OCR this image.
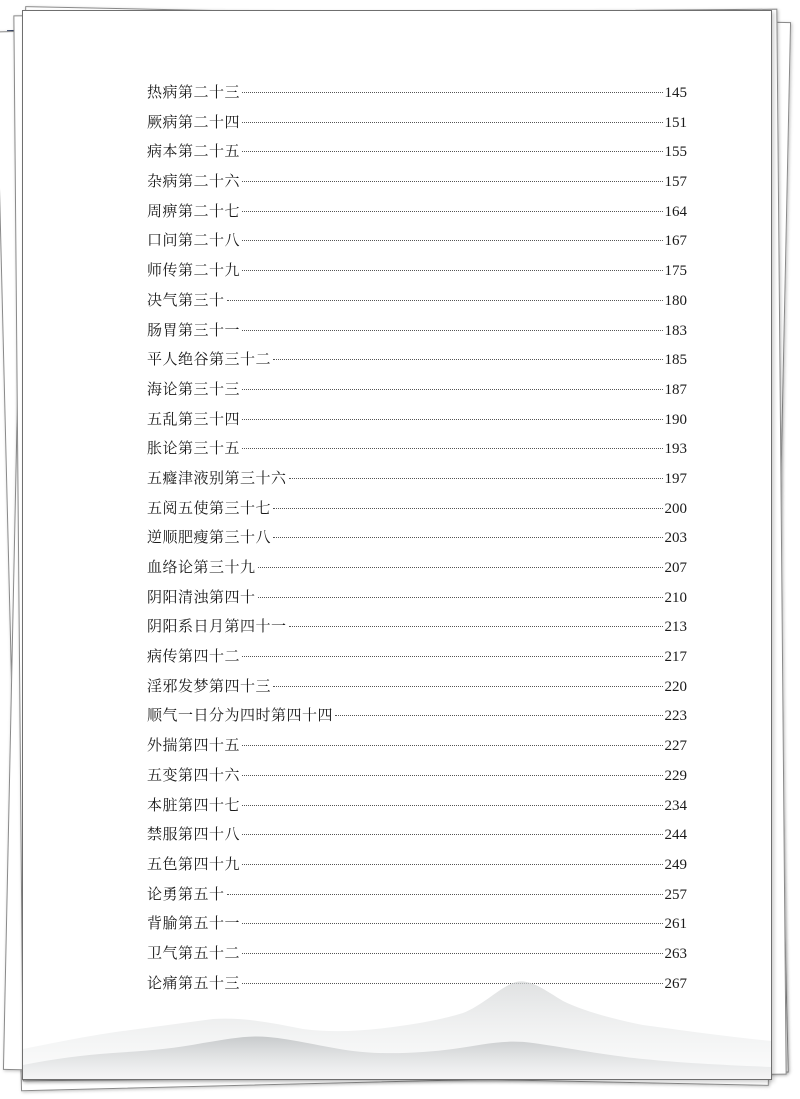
热病第二十三	145
厥病第二十四	151
病本第二十五	155
杂病第二十六	157
周痹第二十七	164
口问第二十八	167
师传第二十九	175
决气第三十	180
肠胃第三十一	183
平人绝谷第三十二	185
海论第三十三	187
五乱第三十四	190
胀论第三十五	193
五癃津液别第三十六	197
五阅五使第三十七	200
逆顺肥瘦第三十八	203
血络论第三十九	207
阴阳清浊第四十	210
阴阳系日月第四十一	213
病传第四十二	217
淫邪发梦第四十三	220
顺气一日分为四时第四十四	223
外揣第四十五	227
五变第四十六	229
本脏第四十七	234
禁服第四十八	244
五色第四十九	249
论勇第五十	257
背腧第五十一	261
卫气第五十二	263
论痛第五十三	267
